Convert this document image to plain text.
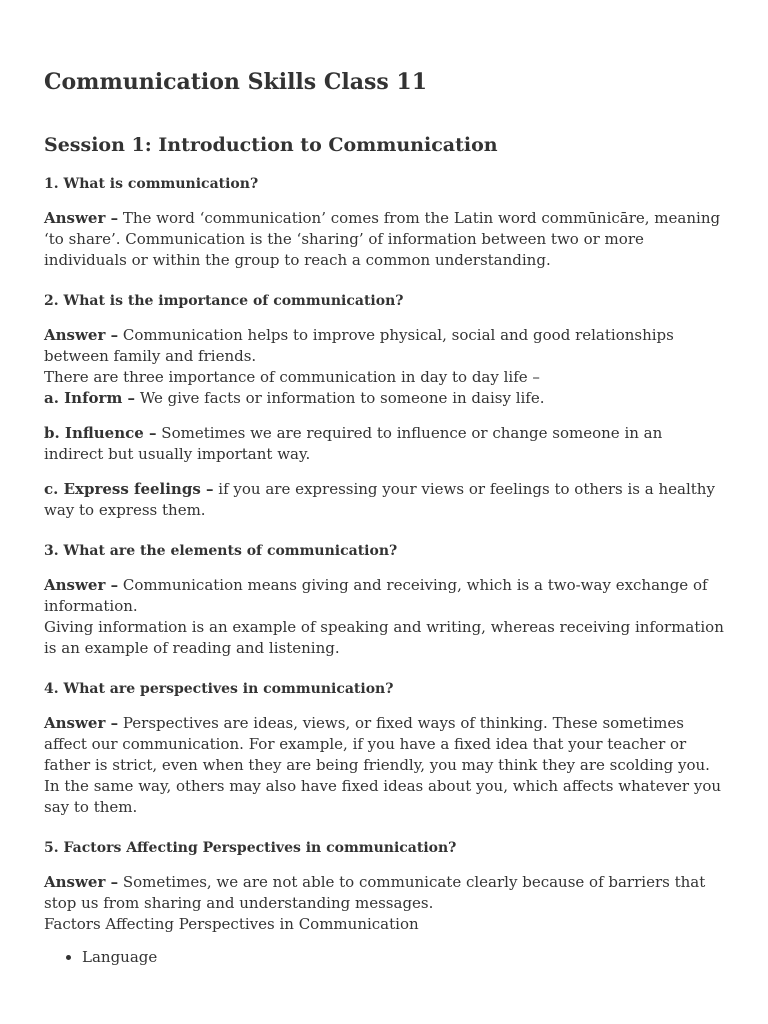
Communication Skills Class 11
Session 1: Introduction to Communication
1. What is communication?

Answer – The word ‘communication’ comes from the Latin word commūnicāre, meaning ‘to share’. Communication is the ‘sharing’ of information between two or more individuals or within the group to reach a common understanding.

2. What is the importance of communication?

Answer – Communication helps to improve physical, social and good relationships between family and friends.
There are three importance of communication in day to day life –
a. Inform – We give facts or information to someone in daisy life.

b. Influence – Sometimes we are required to influence or change someone in an indirect but usually important way.

c. Express feelings – if you are expressing your views or feelings to others is a healthy way to express them.

3. What are the elements of communication?

Answer – Communication means giving and receiving, which is a two-way exchange of information.
Giving information is an example of speaking and writing, whereas receiving information is an example of reading and listening.

4. What are perspectives in communication?

Answer – Perspectives are ideas, views, or fixed ways of thinking. These sometimes affect our communication. For example, if you have a fixed idea that your teacher or father is strict, even when they are being friendly, you may think they are scolding you. In the same way, others may also have fixed ideas about you, which affects whatever you say to them.

5. Factors Affecting Perspectives in communication?

Answer – Sometimes, we are not able to communicate clearly because of barriers that stop us from sharing and understanding messages.
Factors Affecting Perspectives in Communication

• Language
